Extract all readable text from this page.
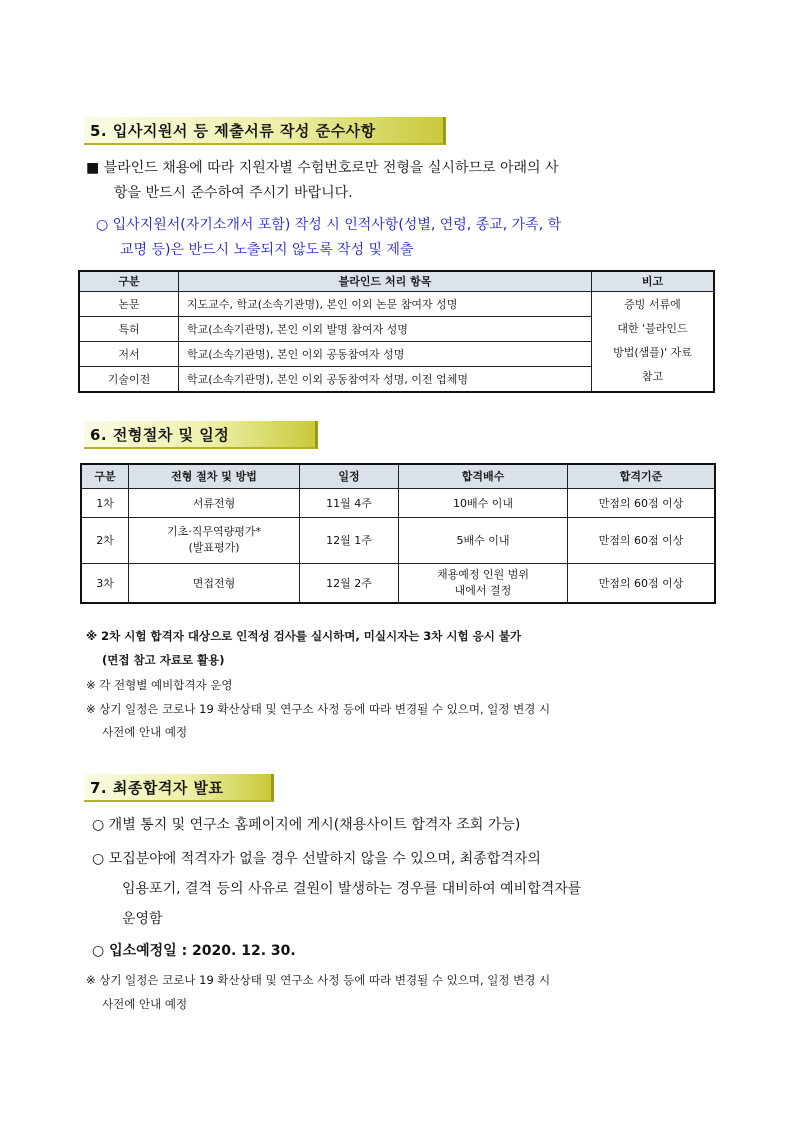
5. 입사지원서 등 제출서류 작성 준수사항
■ 블라인드 채용에 따라 지원자별 수험번호로만 전형을 실시하므로 아래의 사
항을 반드시 준수하여 주시기 바랍니다.
○ 입사지원서(자기소개서 포함) 작성 시 인적사항(성별, 연령, 종교, 가족, 학
교명 등)은 반드시 노출되지 않도록 작성 및 제출
구분	블라인드 처리 항목	비고
논문	지도교수, 학교(소속기관명), 본인 이외 논문 참여자 성명	증빙 서류에
대한 '블라인드
방법(샘플)' 자료
참고

특허	학교(소속기관명), 본인 이외 발명 참여자 성명	
저서	학교(소속기관명), 본인 이외 공동참여자 성명	
기술이전	학교(소속기관명), 본인 이외 공동참여자 성명, 이전 업체명	
6. 전형절차 및 일정
구분	전형 절차 및 방법	일정	합격배수	합격기준
1차	서류전형	11월 4주	10배수 이내	만점의 60점 이상
2차	기초·직무역량평가*
(발표평가)	12월 1주	5배수 이내	만점의 60점 이상
3차	면접전형	12월 2주	채용예정 인원 범위
내에서 결정	만점의 60점 이상
※ 2차 시험 합격자 대상으로 인적성 검사를 실시하며, 미실시자는 3차 시험 응시 불가
(면접 참고 자료로 활용)
※ 각 전형별 예비합격자 운영
※ 상기 일정은 코로나 19 확산상태 및 연구소 사정 등에 따라 변경될 수 있으며, 일정 변경 시
사전에 안내 예정
7. 최종합격자 발표
○ 개별 통지 및 연구소 홈페이지에 게시(채용사이트 합격자 조회 가능)
○ 모집분야에 적격자가 없을 경우 선발하지 않을 수 있으며, 최종합격자의
임용포기, 결격 등의 사유로 결원이 발생하는 경우를 대비하여 예비합격자를
운영함
○ 입소예정일 : 2020. 12. 30.
※ 상기 일정은 코로나 19 확산상태 및 연구소 사정 등에 따라 변경될 수 있으며, 일정 변경 시
사전에 안내 예정
